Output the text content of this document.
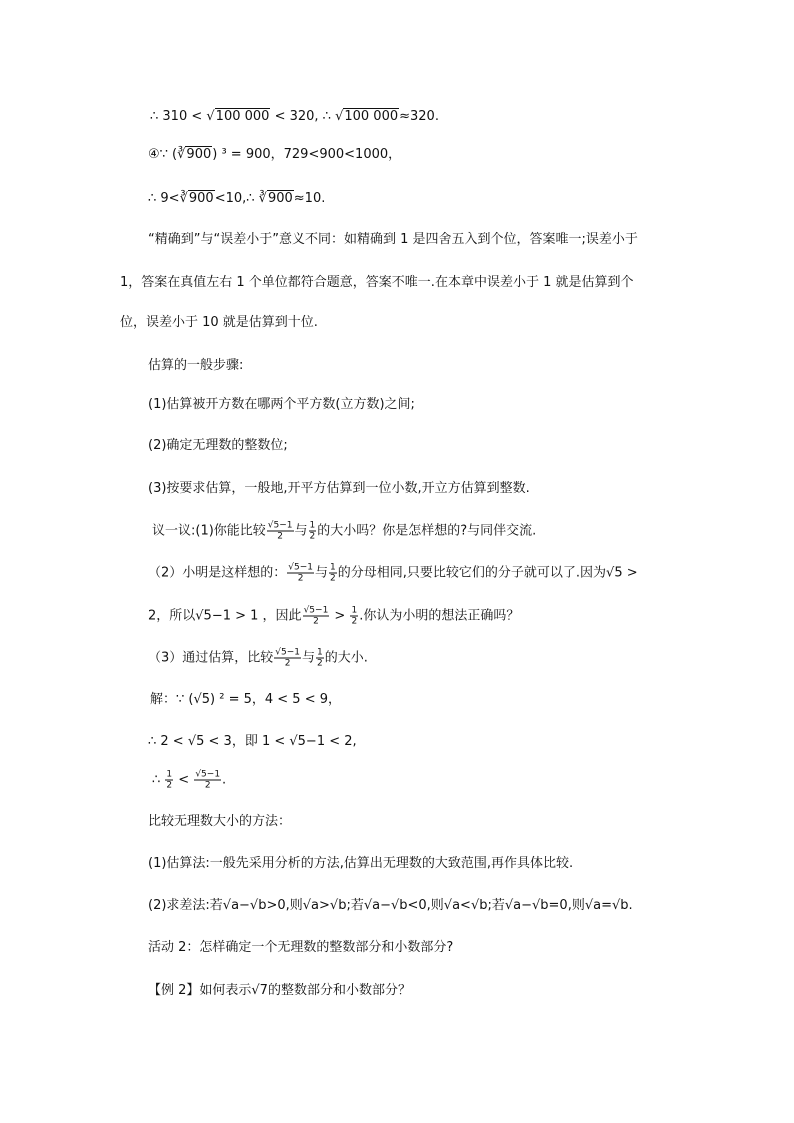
∴ 310 < √100 000 < 320, ∴ √100 000≈320.
④∵ (∛900) ³ = 900，729<900<1000，
∴ 9<∛900<10,∴ ∛900≈10.
“精确到”与“误差小于”意义不同：如精确到 1 是四舍五入到个位，答案唯一;误差小于
1，答案在真值左右 1 个单位都符合题意，答案不唯一.在本章中误差小于 1 就是估算到个
位，误差小于 10 就是估算到十位.
估算的一般步骤:
(1)估算被开方数在哪两个平方数(立方数)之间;
(2)确定无理数的整数位;
(3)按要求估算，一般地,开平方估算到一位小数,开立方估算到整数.
议一议:(1)你能比较 $\frac{√5-1}{2}$ 与 $\frac{1}{2}$ 的大小吗？你是怎样想的?与同伴交流.
（2）小明是这样想的： $\frac{√5-1}{2}$ 与 $\frac{1}{2}$ 的分母相同,只要比较它们的分子就可以了.因为√5 >
2，所以√5−1 > 1 ，因此 $\frac{√5-1}{2} > \frac{1}{2}$ .你认为小明的想法正确吗？
（3）通过估算，比较 $\frac{√5-1}{2}$ 与 $\frac{1}{2}$ 的大小.
解：∵ (√5) ² = 5，4 < 5 < 9，
∴ 2 < √5 < 3，即 1 < √5−1 < 2,
∴ $\frac{1}{2} < \frac{√5-1}{2}$ .
比较无理数大小的方法：
(1)估算法:一般先采用分析的方法,估算出无理数的大致范围,再作具体比较.
(2)求差法:若√a−√b>0,则√a>√b;若√a−√b<0,则√a<√b;若√a−√b=0,则√a=√b.
活动 2：怎样确定一个无理数的整数部分和小数部分?
【例 2】如何表示√7的整数部分和小数部分？
